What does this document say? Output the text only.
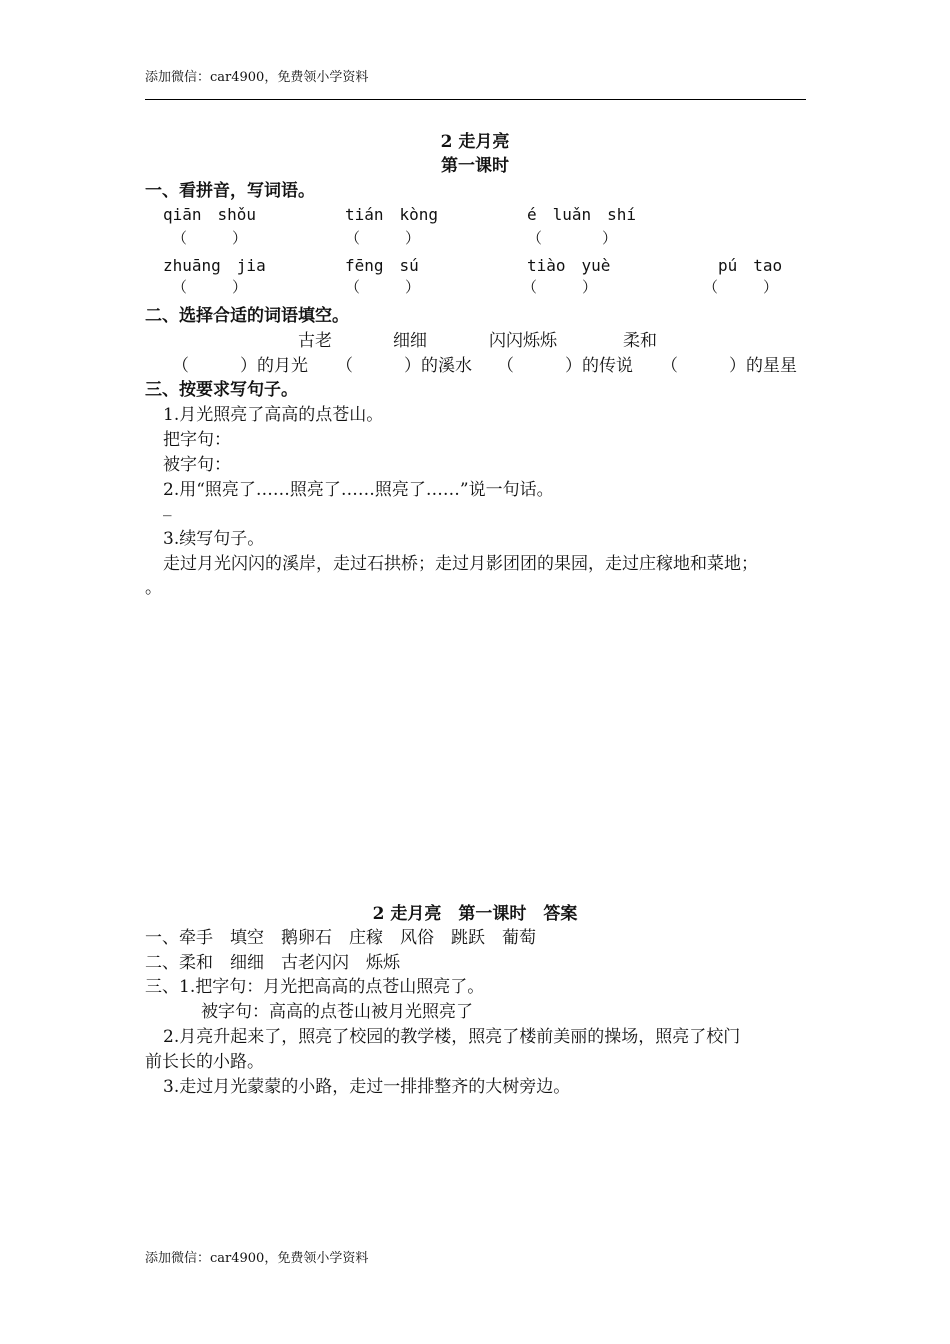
添加微信：car4900，免费领小学资料
2 走月亮
第一课时
一、看拼音，写词语。
qiān　shǒu	tián　kòng	é　luǎn　shí
（　　　）	（　　　）	（　　　　）
zhuāng　jia	fēng　sú	tiào　yuè	pú　tao
（　　　）	（　　　）	（　　　）	（　　　）
二、选择合适的词语填空。
古老	细细	闪闪烁烁	柔和
（　　　）的月光 （　　　）的溪水 （　　　）的传说 （　　　）的星星
三、按要求写句子。
1.月光照亮了高高的点苍山。
把字句：
被字句：
2.用“照亮了……照亮了……照亮了……”说一句话。
_
3.续写句子。
走过月光闪闪的溪岸，走过石拱桥；走过月影团团的果园，走过庄稼地和菜地；
。
2 走月亮　第一课时　答案
一、牵手　填空　鹅卵石　庄稼　风俗　跳跃　葡萄
二、柔和　细细　古老闪闪　烁烁
三、1.把字句：月光把高高的点苍山照亮了。
被字句：高高的点苍山被月光照亮了
2.月亮升起来了，照亮了校园的教学楼，照亮了楼前美丽的操场，照亮了校门
前长长的小路。
3.走过月光蒙蒙的小路，走过一排排整齐的大树旁边。
添加微信：car4900，免费领小学资料
